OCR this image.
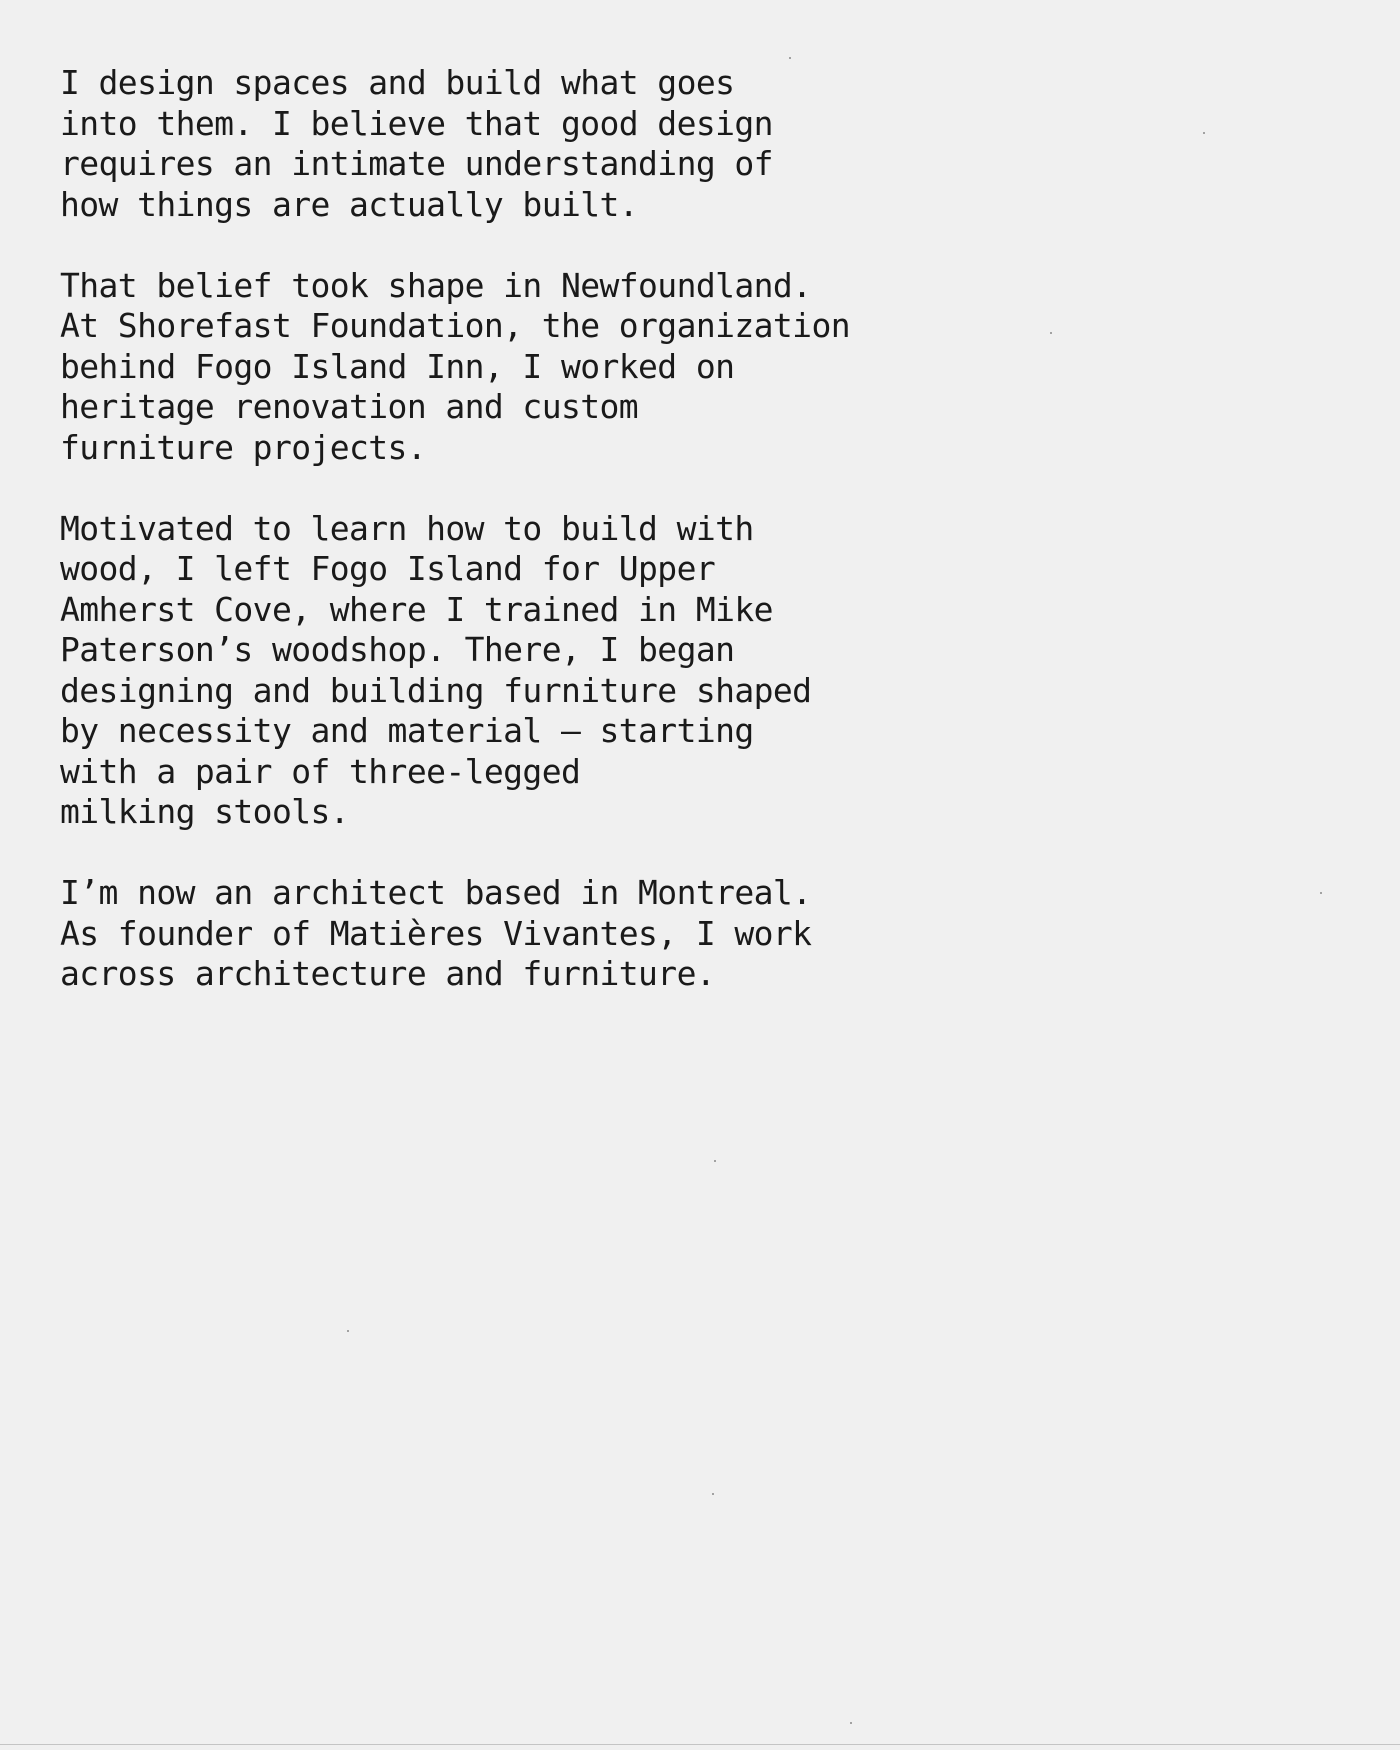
I design spaces and build what goes
into them. I believe that good design
requires an intimate understanding of
how things are actually built.

That belief took shape in Newfoundland.
At Shorefast Foundation, the organization
behind Fogo Island Inn, I worked on
heritage renovation and custom
furniture projects.

Motivated to learn how to build with
wood, I left Fogo Island for Upper
Amherst Cove, where I trained in Mike
Paterson’s woodshop. There, I began
designing and building furniture shaped
by necessity and material — starting
with a pair of three-legged
milking stools.

I’m now an architect based in Montreal.
As founder of Matières Vivantes, I work
across architecture and furniture.
